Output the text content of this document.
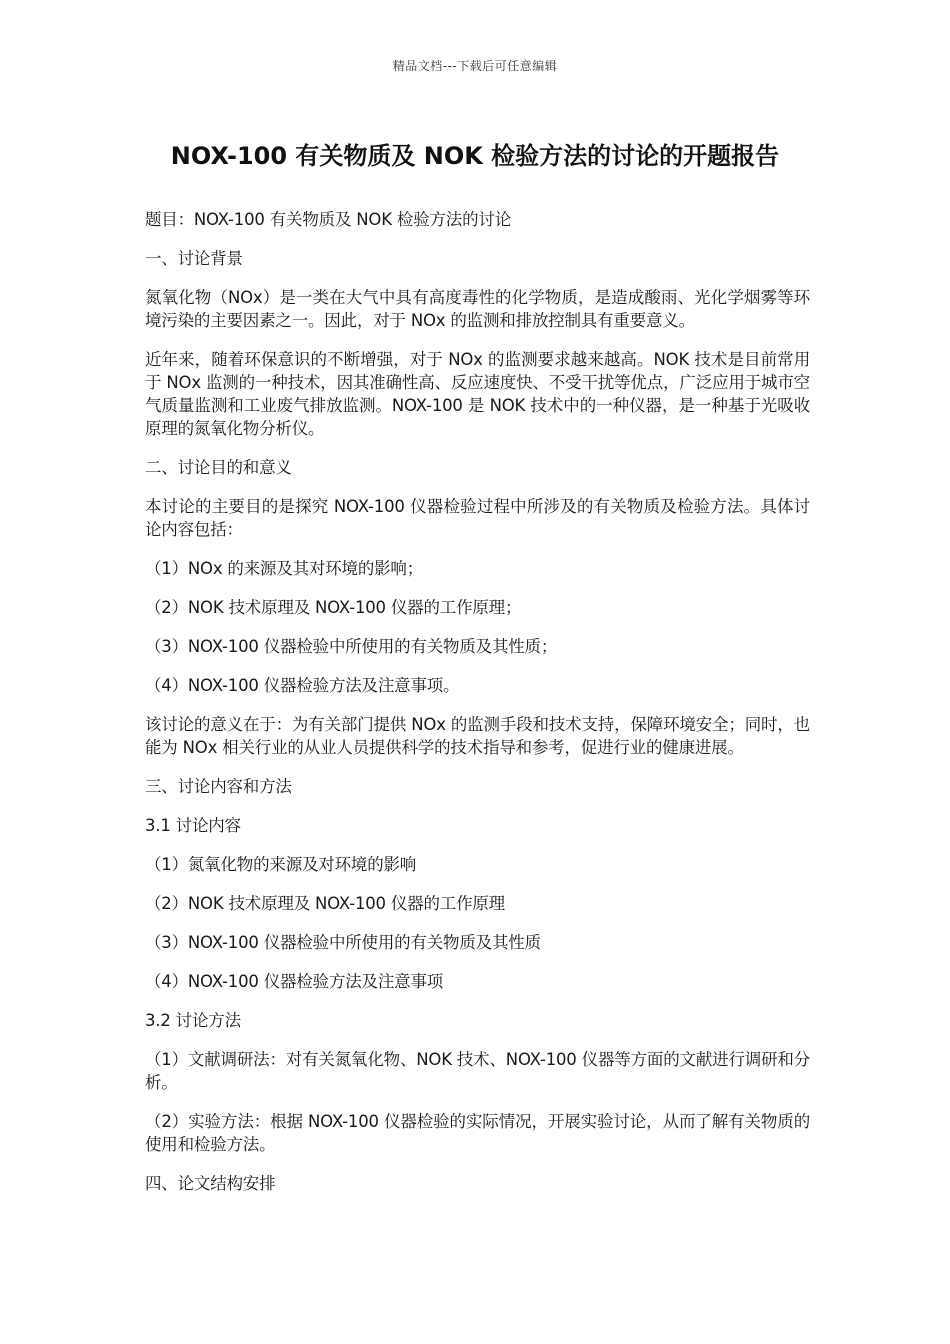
精品文档---下载后可任意编辑
NOX-100 有关物质及 NOK 检验方法的讨论的开题报告

题目：NOX-100 有关物质及 NOK 检验方法的讨论

一、讨论背景

氮氧化物（NOx）是一类在大气中具有高度毒性的化学物质，是造成酸雨、光化学烟雾等环境污染的主要因素之一。因此，对于 NOx 的监测和排放控制具有重要意义。

近年来，随着环保意识的不断增强，对于 NOx 的监测要求越来越高。NOK 技术是目前常用于 NOx 监测的一种技术，因其准确性高、反应速度快、不受干扰等优点，广泛应用于城市空气质量监测和工业废气排放监测。NOX-100 是 NOK 技术中的一种仪器，是一种基于光吸收原理的氮氧化物分析仪。

二、讨论目的和意义

本讨论的主要目的是探究 NOX-100 仪器检验过程中所涉及的有关物质及检验方法。具体讨论内容包括：

（1）NOx 的来源及其对环境的影响；

（2）NOK 技术原理及 NOX-100 仪器的工作原理；

（3）NOX-100 仪器检验中所使用的有关物质及其性质；

（4）NOX-100 仪器检验方法及注意事项。

该讨论的意义在于：为有关部门提供 NOx 的监测手段和技术支持，保障环境安全；同时，也能为 NOx 相关行业的从业人员提供科学的技术指导和参考，促进行业的健康进展。

三、讨论内容和方法

3.1 讨论内容

（1）氮氧化物的来源及对环境的影响

（2）NOK 技术原理及 NOX-100 仪器的工作原理

（3）NOX-100 仪器检验中所使用的有关物质及其性质

（4）NOX-100 仪器检验方法及注意事项

3.2 讨论方法

（1）文献调研法：对有关氮氧化物、NOK 技术、NOX-100 仪器等方面的文献进行调研和分析。

（2）实验方法：根据 NOX-100 仪器检验的实际情况，开展实验讨论，从而了解有关物质的使用和检验方法。

四、论文结构安排
